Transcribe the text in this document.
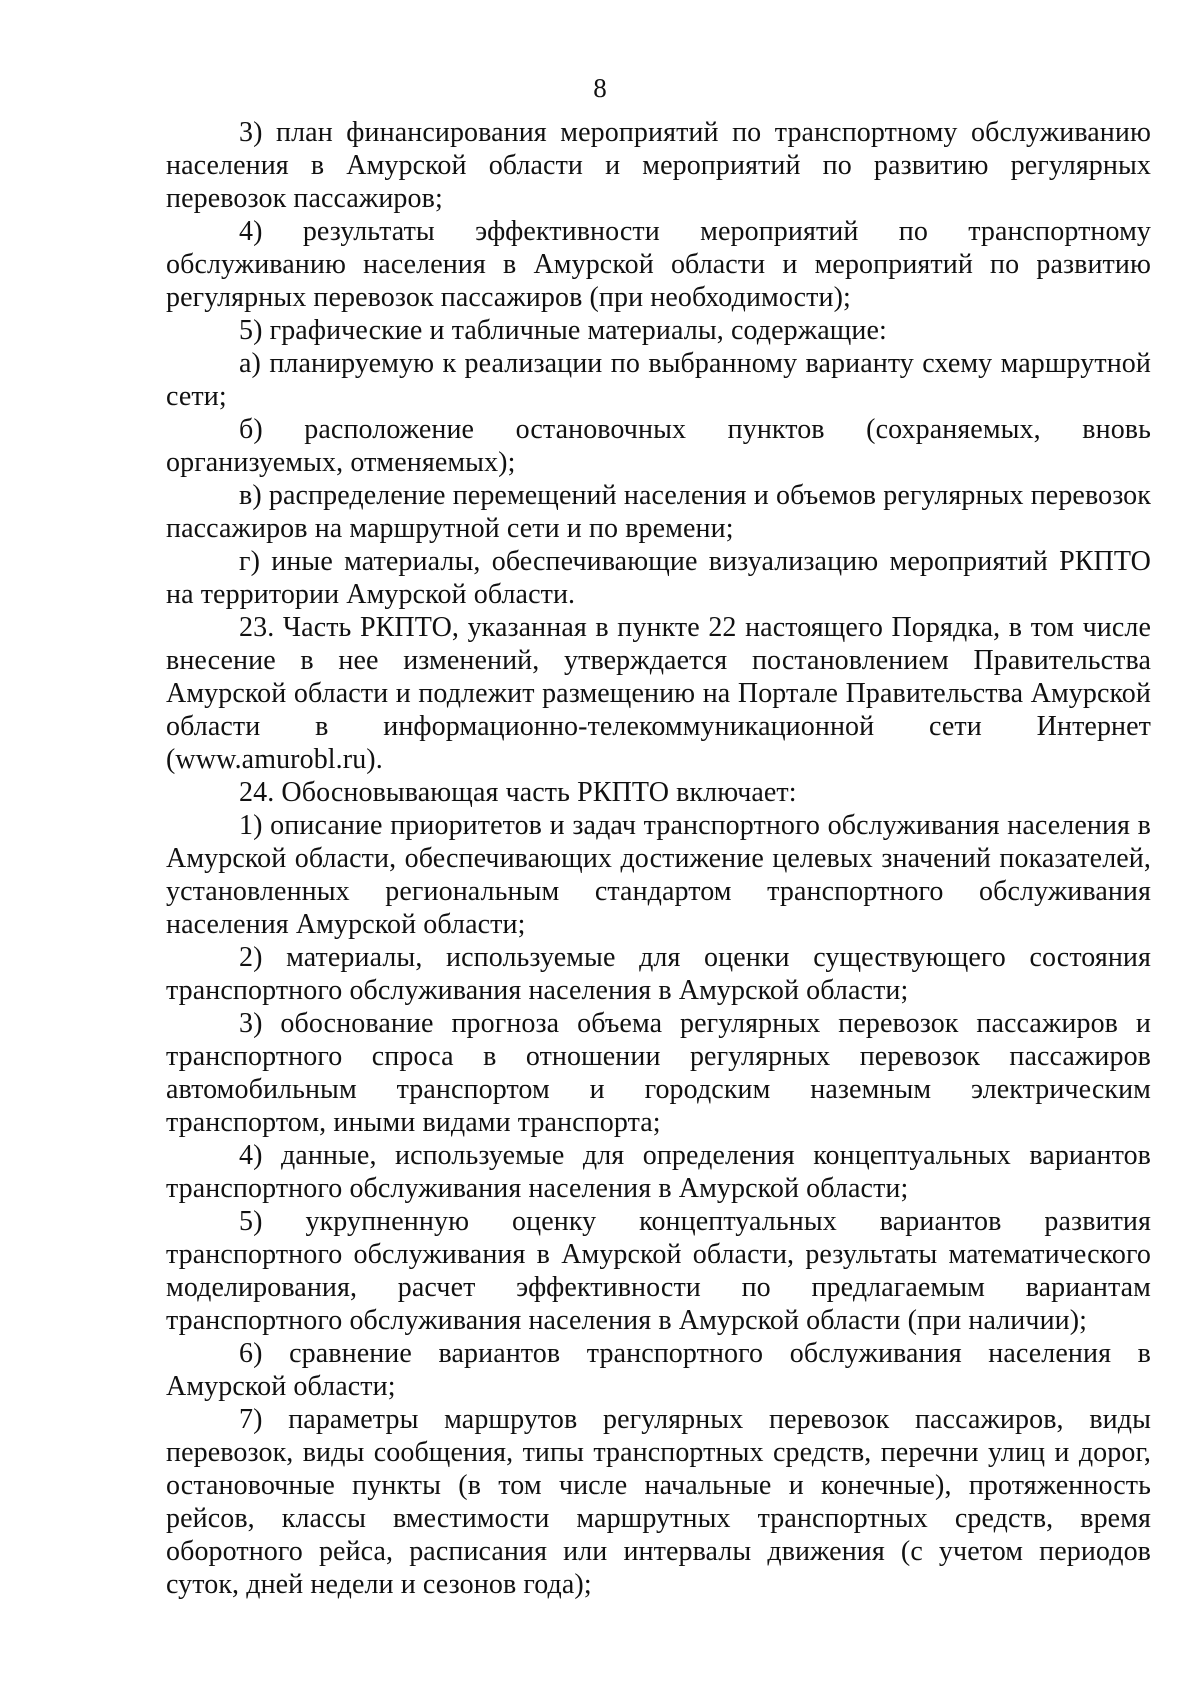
8

3) план финансирования мероприятий по транспортному обслуживанию населения в Амурской области и мероприятий по развитию регулярных перевозок пассажиров;

4) результаты эффективности мероприятий по транспортному обслуживанию населения в Амурской области и мероприятий по развитию регулярных перевозок пассажиров (при необходимости);

5) графические и табличные материалы, содержащие:

а) планируемую к реализации по выбранному варианту схему маршрутной сети;

б) расположение остановочных пунктов (сохраняемых, вновь организуемых, отменяемых);

в) распределение перемещений населения и объемов регулярных перевозок пассажиров на маршрутной сети и по времени;

г) иные материалы, обеспечивающие визуализацию мероприятий РКПТО на территории Амурской области.

23. Часть РКПТО, указанная в пункте 22 настоящего Порядка, в том числе внесение в нее изменений, утверждается постановлением Правительства Амурской области и подлежит размещению на Портале Правительства Амурской области в информационно-телекоммуникационной сети Интернет (www.amurobl.ru).

24. Обосновывающая часть РКПТО включает:

1) описание приоритетов и задач транспортного обслуживания населения в Амурской области, обеспечивающих достижение целевых значений показателей, установленных региональным стандартом транспортного обслуживания населения Амурской области;

2) материалы, используемые для оценки существующего состояния транспортного обслуживания населения в Амурской области;

3) обоснование прогноза объема регулярных перевозок пассажиров и транспортного спроса в отношении регулярных перевозок пассажиров автомобильным транспортом и городским наземным электрическим транспортом, иными видами транспорта;

4) данные, используемые для определения концептуальных вариантов транспортного обслуживания населения в Амурской области;

5) укрупненную оценку концептуальных вариантов развития транспортного обслуживания в Амурской области, результаты математического моделирования, расчет эффективности по предлагаемым вариантам транспортного обслуживания населения в Амурской области (при наличии);

6) сравнение вариантов транспортного обслуживания населения в Амурской области;

7) параметры маршрутов регулярных перевозок пассажиров, виды перевозок, виды сообщения, типы транспортных средств, перечни улиц и дорог, остановочные пункты (в том числе начальные и конечные), протяженность рейсов, классы вместимости маршрутных транспортных средств, время оборотного рейса, расписания или интервалы движения (с учетом периодов суток, дней недели и сезонов года);
